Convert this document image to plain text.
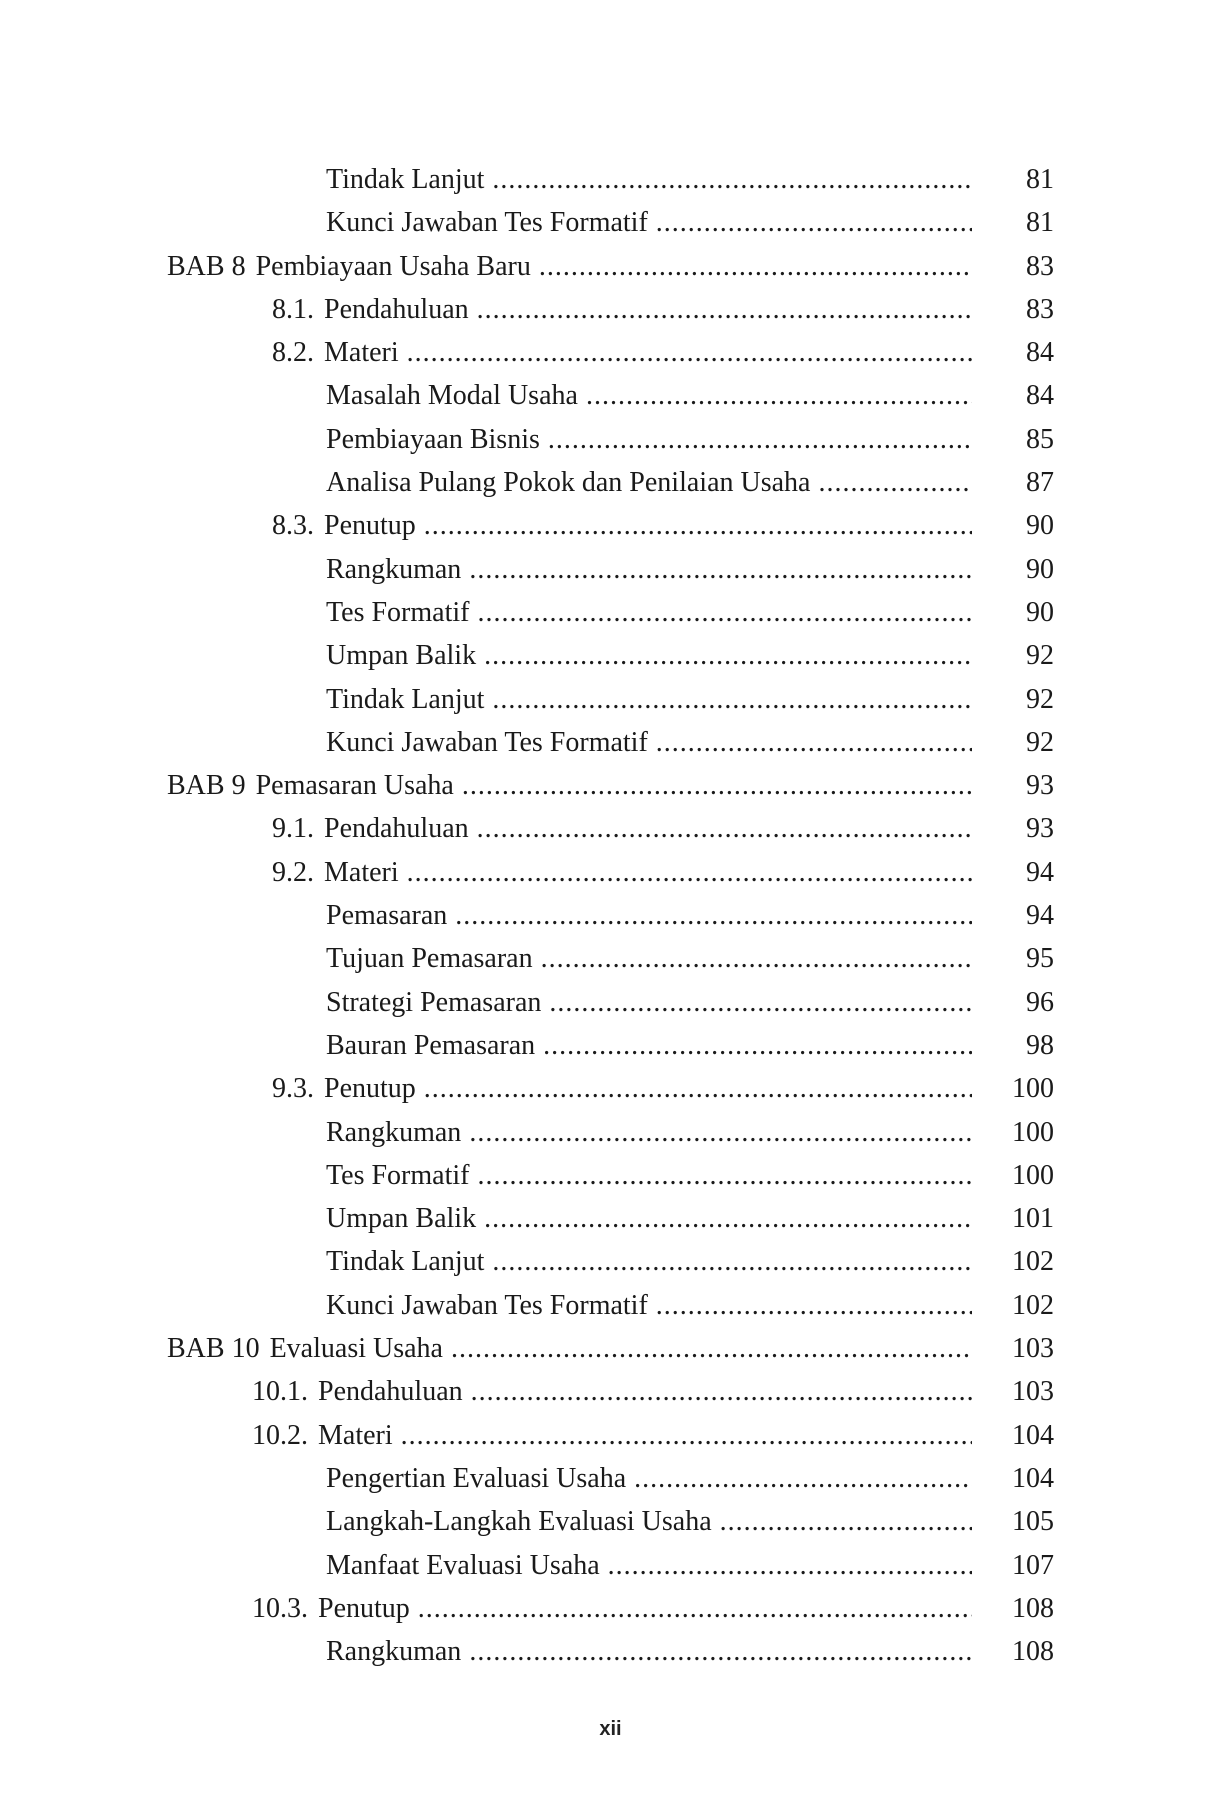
Tindak Lanjut .....	81
Kunci Jawaban Tes Formatif .....	81
BAB 8 Pembiayaan Usaha Baru .....	83
8.1. Pendahuluan .....	83
8.2. Materi .....	84
Masalah Modal Usaha .....	84
Pembiayaan Bisnis .....	85
Analisa Pulang Pokok dan Penilaian Usaha .....	87
8.3. Penutup .....	90
Rangkuman .....	90
Tes Formatif .....	90
Umpan Balik .....	92
Tindak Lanjut .....	92
Kunci Jawaban Tes Formatif .....	92
BAB 9 Pemasaran Usaha .....	93
9.1. Pendahuluan .....	93
9.2. Materi .....	94
Pemasaran .....	94
Tujuan Pemasaran .....	95
Strategi Pemasaran .....	96
Bauran Pemasaran .....	98
9.3. Penutup .....	100
Rangkuman .....	100
Tes Formatif .....	100
Umpan Balik .....	101
Tindak Lanjut .....	102
Kunci Jawaban Tes Formatif .....	102
BAB 10 Evaluasi Usaha .....	103
10.1. Pendahuluan .....	103
10.2. Materi .....	104
Pengertian Evaluasi Usaha .....	104
Langkah-Langkah Evaluasi Usaha .....	105
Manfaat Evaluasi Usaha .....	107
10.3. Penutup .....	108
Rangkuman .....	108
xii
